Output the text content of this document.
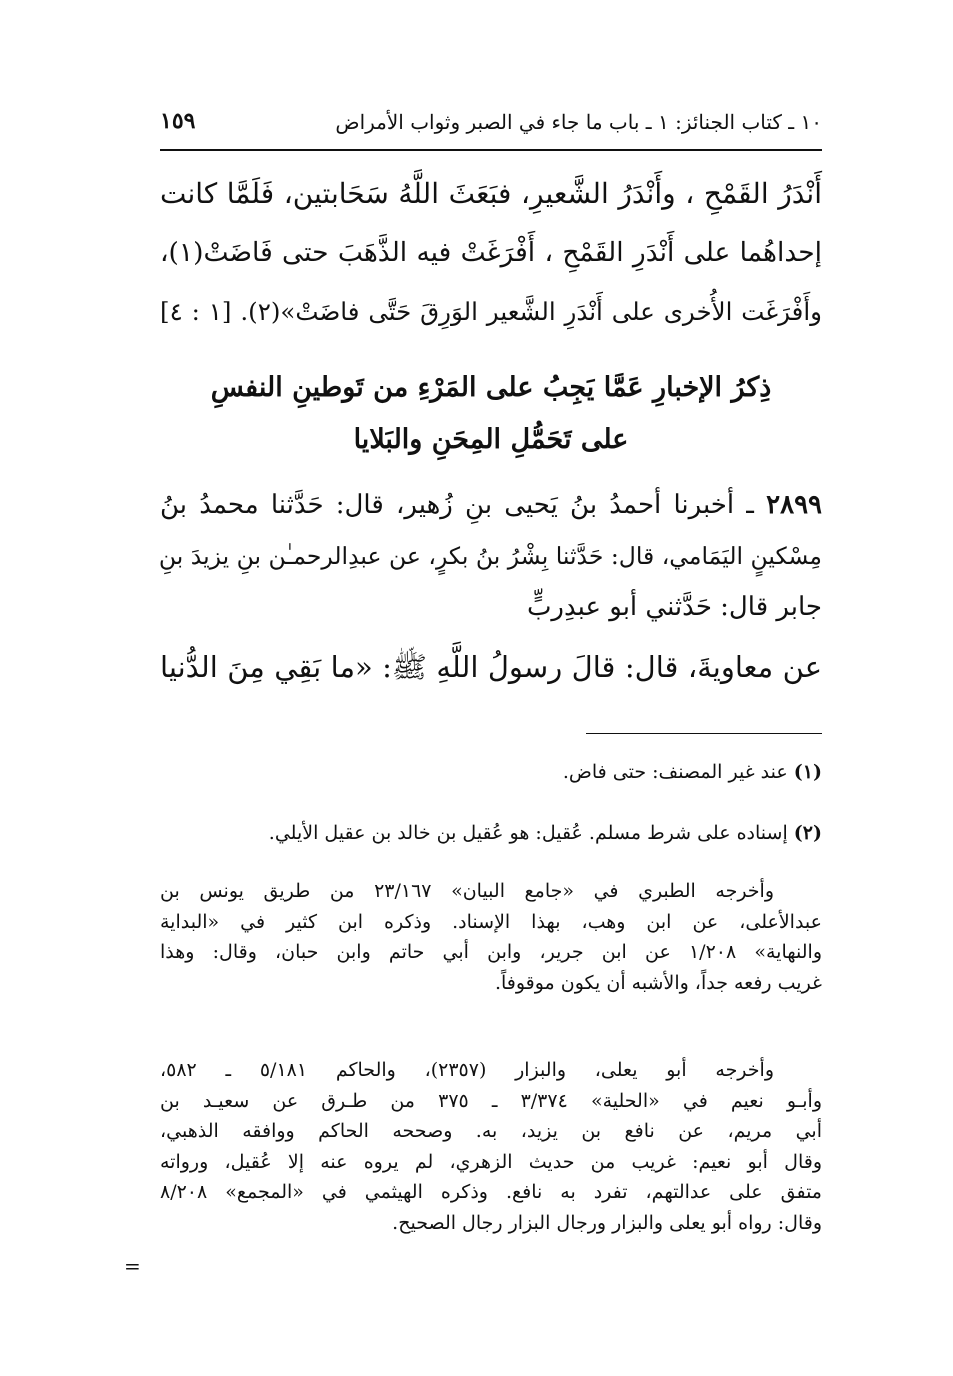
١٠ ـ كتاب الجنائز: ١ ـ باب ما جاء في الصبر وثواب الأمراض
١٥٩
أَنْدَرُ القَمْحِ ، وأَنْدَرُ الشَّعيرِ، فبَعَثَ اللَّهُ سَحَابتين، فَلَمَّا كانت
إحداهُما على أَنْدَرِ القَمْحِ ، أَفْرَغَتْ فيه الذَّهَبَ حتى فَاضَتْ(١)،
وأَفْرَغَت الأُخرى على أَنْدَرِ الشَّعير الوَرِقَ حَتَّى فاضَتْ»(٢). [١ : ٤]
ذِكرُ الإخبارِ عَمَّا يَجِبُ على المَرْءِ من تَوطينِ النفسِ
على تَحَمُّلِ المِحَنِ والبَلايا
٢٨٩٩ ـ أخبرنا أحمدُ بنُ يَحيى بنِ زُهير، قال: حَدَّثنا محمدُ بنُ
مِسْكينٍ اليَمَامي، قال: حَدَّثنا بِشْرُ بنُ بكرٍ، عن عبدِالرحمـٰن بنِ يزيدَ بنِ
جابر قال: حَدَّثني أبو عبدِربٍّ
عن معاويةَ، قال: قالَ رسولُ اللَّهِ ﷺ: «ما بَقِي مِنَ الدُّنيا
(١) عند غير المصنف: حتى فاض.
(٢) إسناده على شرط مسلم. عُقيل: هو عُقيل بن خالد بن عقيل الأيلي.
وأخرجه الطبري في «جامع البيان» ٢٣/١٦٧ من طريق يونس بن
عبدالأعلى، عن ابن وهب، بهذا الإسناد. وذكره ابن كثير في «البداية
والنهاية» ١/٢٠٨ عن ابن جرير، وابن أبي حاتم وابن حبان، وقال: وهذا
غريب رفعه جداً، والأشبه أن يكون موقوفاً.
وأخرجه أبو يعلى، والبزار (٢٣٥٧)، والحاكم ٥/١٨١ ـ ٥٨٢،
وأبـو نعيم في «الحلية» ٣/٣٧٤ ـ ٣٧٥ من طـرق عن سعيـد بن
أبي مريم، عن نافع بن يزيد، به. وصححه الحاكم ووافقه الذهبي،
وقال أبو نعيم: غريب من حديث الزهري، لم يروه عنه إلا عُقيل، ورواته
متفق على عدالتهم، تفرد به نافع. وذكره الهيثمي في «المجمع» ٨/٢٠٨
وقال: رواه أبو يعلى والبزار ورجال البزار رجال الصحيح.
=
